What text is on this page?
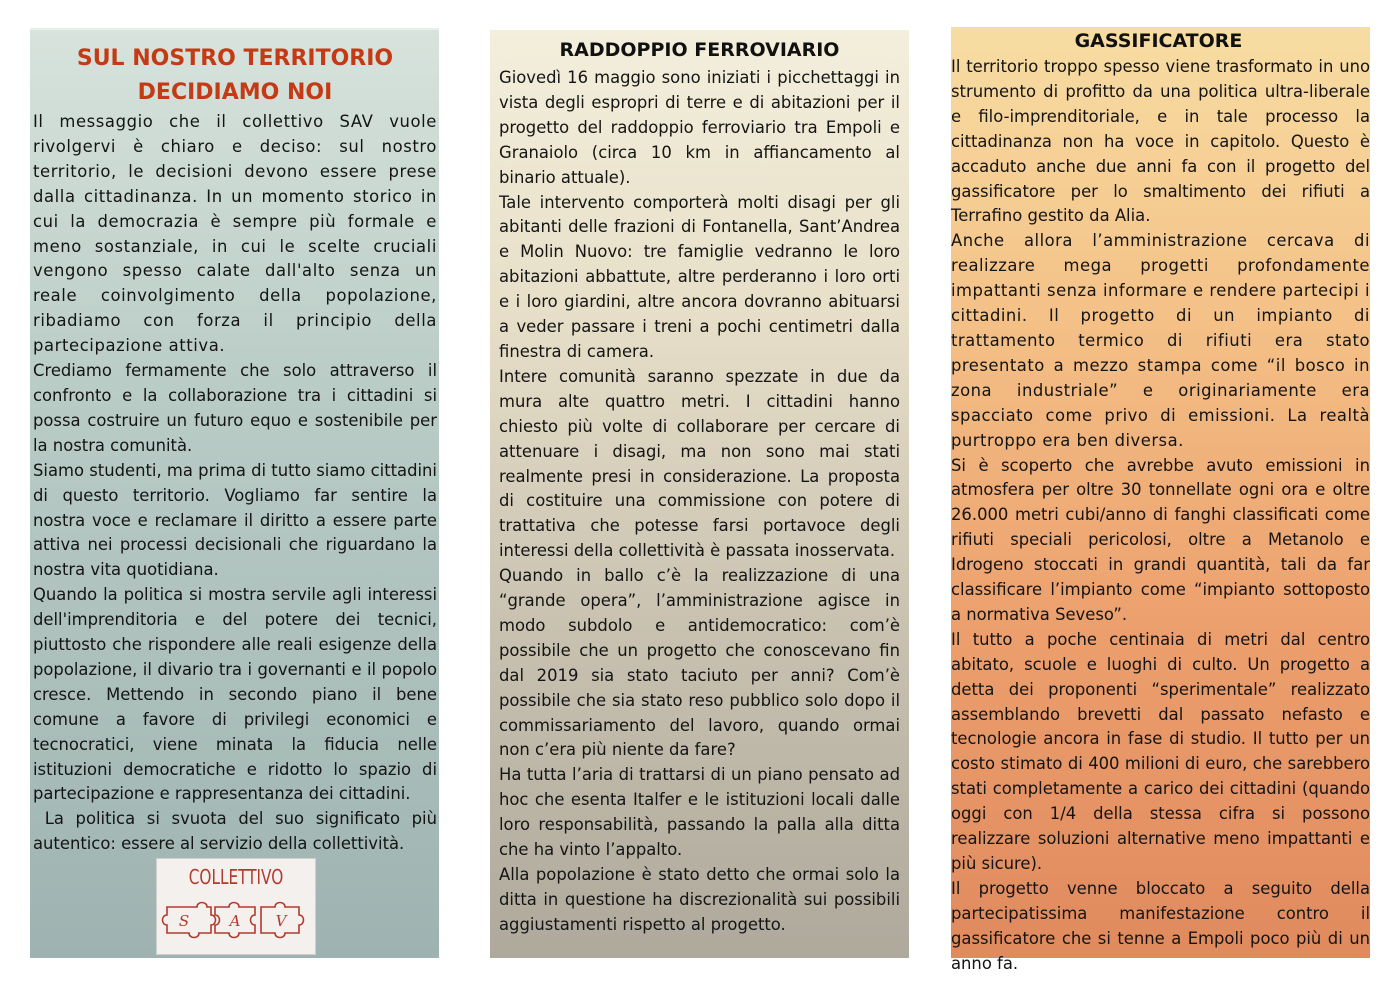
SUL NOSTRO TERRITORIO
DECIDIAMO NOI

Il messaggio che il collettivo SAV vuole rivolgervi è chiaro e deciso: sul nostro territorio, le decisioni devono essere prese dalla cittadinanza. In un momento storico in cui la democrazia è sempre più formale e meno sostanziale, in cui le scelte cruciali vengono spesso calate dall'alto senza un reale coinvolgimento della popolazione, ribadiamo con forza il principio della partecipazione attiva.

Crediamo fermamente che solo attraverso il confronto e la collaborazione tra i cittadini si possa costruire un futuro equo e sostenibile per la nostra comunità.

Siamo studenti, ma prima di tutto siamo cittadini di questo territorio. Vogliamo far sentire la nostra voce e reclamare il diritto a essere parte attiva nei processi decisionali che riguardano la nostra vita quotidiana.

Quando la politica si mostra servile agli interessi dell'imprenditoria e del potere dei tecnici, piuttosto che rispondere alle reali esigenze della popolazione, il divario tra i governanti e il popolo cresce. Mettendo in secondo piano il bene comune a favore di privilegi economici e tecnocratici, viene minata la fiducia nelle istituzioni democratiche e ridotto lo spazio di partecipazione e rappresentanza dei cittadini.

La politica si svuota del suo significato più autentico: essere al servizio della collettività.

COLLETTIVO
S	A V
RADDOPPIO FERROVIARIO

Giovedì 16 maggio sono iniziati i picchettaggi in vista degli espropri di terre e di abitazioni per il progetto del raddoppio ferroviario tra Empoli e Granaiolo (circa 10 km in affiancamento al binario attuale).

Tale intervento comporterà molti disagi per gli abitanti delle frazioni di Fontanella, Sant’Andrea e Molin Nuovo: tre famiglie vedranno le loro abitazioni abbattute, altre perderanno i loro orti e i loro giardini, altre ancora dovranno abituarsi a veder passare i treni a pochi centimetri dalla finestra di camera.

Intere comunità saranno spezzate in due da mura alte quattro metri. I cittadini hanno chiesto più volte di collaborare per cercare di attenuare i disagi, ma non sono mai stati realmente presi in considerazione. La proposta di costituire una commissione con potere di trattativa che potesse farsi portavoce degli interessi della collettività è passata inosservata.

Quando in ballo c’è la realizzazione di una “grande opera”, l’amministrazione agisce in modo subdolo e antidemocratico: com’è possibile che un progetto che conoscevano fin dal 2019 sia stato taciuto per anni? Com’è possibile che sia stato reso pubblico solo dopo il commissariamento del lavoro, quando ormai non c’era più niente da fare?

Ha tutta l’aria di trattarsi di un piano pensato ad hoc che esenta Italfer e le istituzioni locali dalle loro responsabilità, passando la palla alla ditta che ha vinto l’appalto.

Alla popolazione è stato detto che ormai solo la ditta in questione ha discrezionalità sui possibili aggiustamenti rispetto al progetto.

GASSIFICATORE

Il territorio troppo spesso viene trasformato in uno strumento di profitto da una politica ultra-liberale e filo-imprenditoriale, e in tale processo la cittadinanza non ha voce in capitolo. Questo è accaduto anche due anni fa con il progetto del gassificatore per lo smaltimento dei rifiuti a Terrafino gestito da Alia.

Anche allora l’amministrazione cercava di realizzare mega progetti profondamente impattanti senza informare e rendere partecipi i cittadini. Il progetto di un impianto di trattamento termico di rifiuti era stato presentato a mezzo stampa come “il bosco in zona industriale” e originariamente era spacciato come privo di emissioni. La realtà purtroppo era ben diversa.

Si è scoperto che avrebbe avuto emissioni in atmosfera per oltre 30 tonnellate ogni ora e oltre 26.000 metri cubi/anno di fanghi classificati come rifiuti speciali pericolosi, oltre a Metanolo e Idrogeno stoccati in grandi quantità, tali da far classificare l’impianto come “impianto sottoposto a normativa Seveso”.

Il tutto a poche centinaia di metri dal centro abitato, scuole e luoghi di culto. Un progetto a detta dei proponenti “sperimentale” realizzato assemblando brevetti dal passato nefasto e tecnologie ancora in fase di studio. Il tutto per un costo stimato di 400 milioni di euro, che sarebbero stati completamente a carico dei cittadini (quando oggi con 1/4 della stessa cifra si possono realizzare soluzioni alternative meno impattanti e più sicure).

Il progetto venne bloccato a seguito della partecipatissima manifestazione contro il gassificatore che si tenne a Empoli poco più di un anno fa.
